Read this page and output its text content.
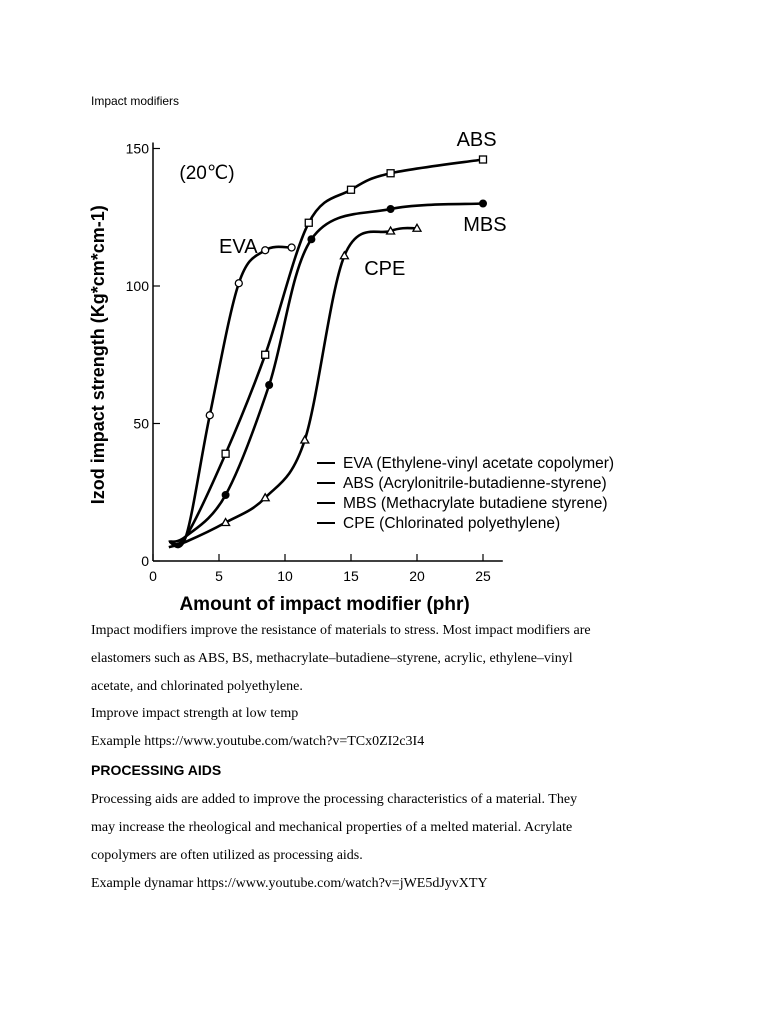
Impact modifiers
0	5	10	15	20	25
0
50
100
150
Amount of impact modifier (phr)
Izod impact strength (Kg*cm*cm-1)
(20℃)
EVA
ABS
MBS
CPE
EVA (Ethylene-vinyl acetate copolymer)
ABS (Acrylonitrile-butadienne-styrene)
MBS (Methacrylate butadiene styrene)
CPE (Chlorinated polyethylene)
Impact modifiers improve the resistance of materials to stress. Most impact modifiers are
elastomers such as ABS, BS, methacrylate–butadiene–styrene, acrylic, ethylene–vinyl
acetate, and chlorinated polyethylene.
Improve impact strength at low temp
Example https://www.youtube.com/watch?v=TCx0ZI2c3I4
PROCESSING AIDS
Processing aids are added to improve the processing characteristics of a material. They
may increase the rheological and mechanical properties of a melted material. Acrylate
copolymers are often utilized as processing aids.
Example dynamar https://www.youtube.com/watch?v=jWE5dJyvXTY
